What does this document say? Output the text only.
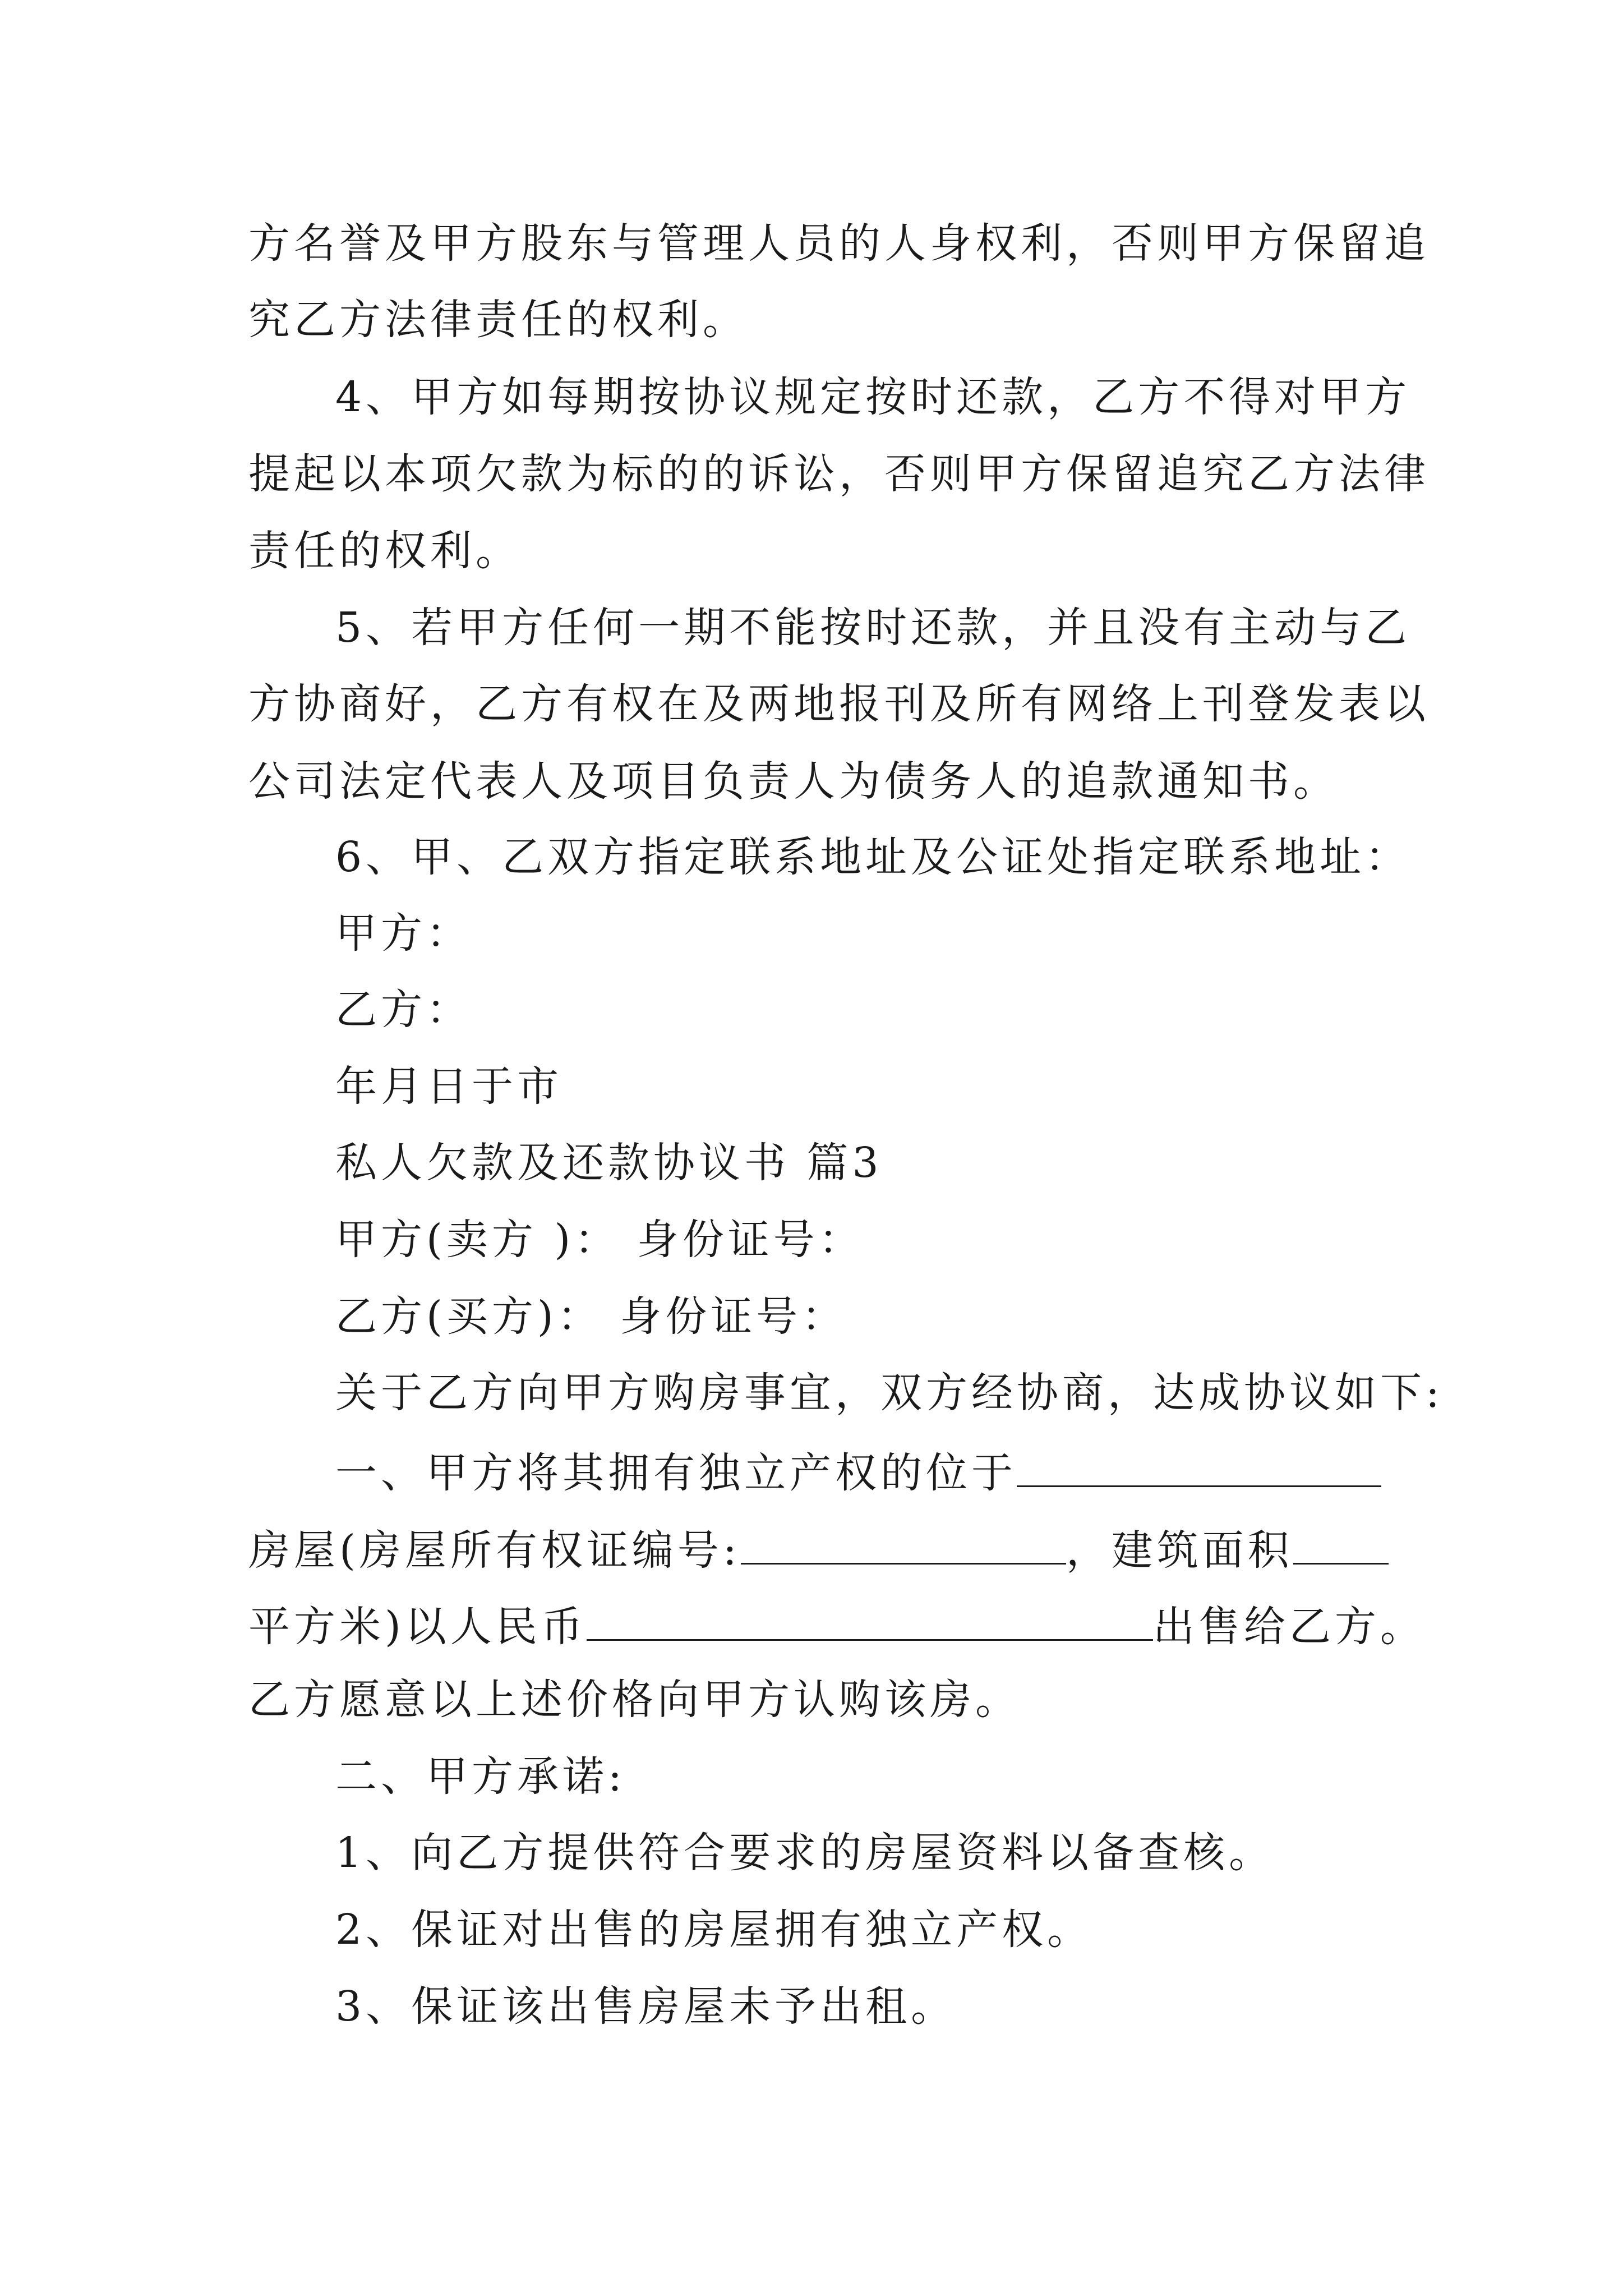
方名誉及甲方股东与管理人员的人身权利，否则甲方保留追
究乙方法律责任的权利。
4、甲方如每期按协议规定按时还款，乙方不得对甲方
提起以本项欠款为标的的诉讼，否则甲方保留追究乙方法律
责任的权利。
5、若甲方任何一期不能按时还款，并且没有主动与乙
方协商好，乙方有权在及两地报刊及所有网络上刊登发表以
公司法定代表人及项目负责人为债务人的追款通知书。
6、甲、乙双方指定联系地址及公证处指定联系地址：
甲方：
乙方：
年月日于市
私人欠款及还款协议书 篇3
甲方(卖方 )： 身份证号：
乙方(买方)： 身份证号：
关于乙方向甲方购房事宜，双方经协商，达成协议如下:
一、甲方将其拥有独立产权的位于
房屋(房屋所有权证编号:	，建筑面积
平方米)以人民币	出售给乙方。
乙方愿意以上述价格向甲方认购该房。
二、甲方承诺:
1、向乙方提供符合要求的房屋资料以备查核。
2、保证对出售的房屋拥有独立产权。
3、保证该出售房屋未予出租。
